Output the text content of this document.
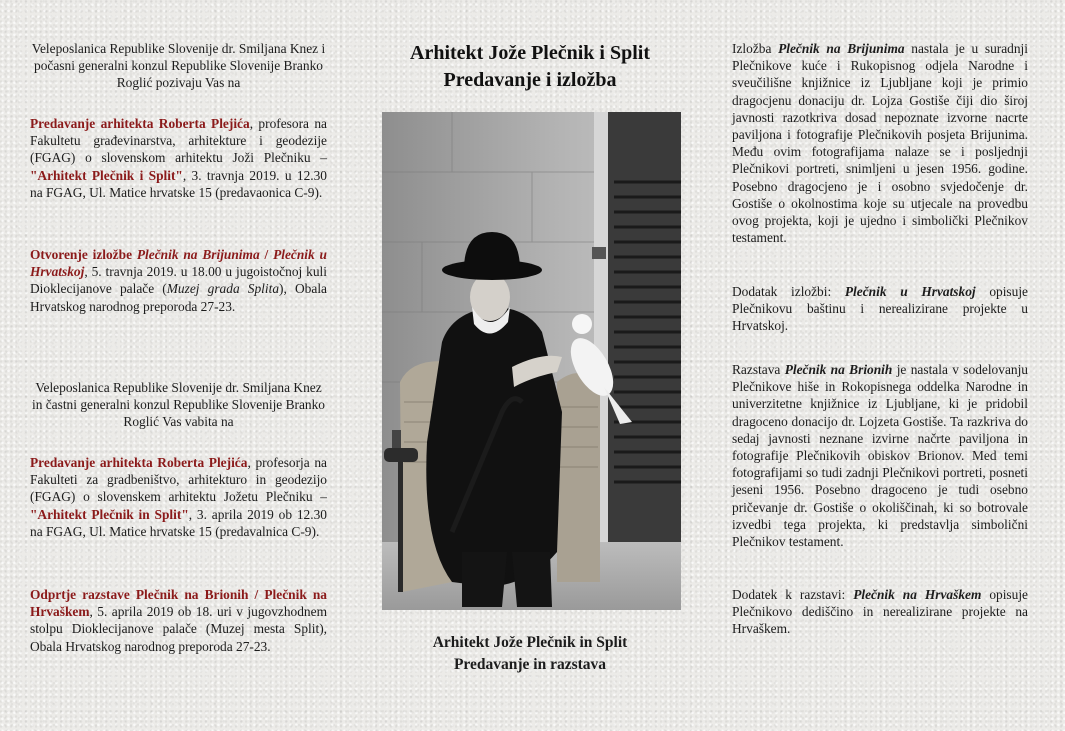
Veleposlanica Republike Slovenije dr. Smiljana Knez i počasni generalni konzul Republike Slovenije Branko Roglić pozivaju Vas na

Predavanje arhitekta Roberta Plejića, profesora na Fakultetu građevinarstva, arhitekture i geodezije (FGAG) o slovenskom arhitektu Joži Plečniku – "Arhitekt Plečnik i Split", 3. travnja 2019. u 12.30 na FGAG, Ul. Matice hrvatske 15 (predavaonica C-9).

Otvorenje izložbe Plečnik na Brijunima / Plečnik u Hrvatskoj, 5. travnja 2019. u 18.00 u jugoistočnoj kuli Dioklecijanove palače (Muzej grada Splita), Obala Hrvatskog narodnog preporoda 27-23.

Veleposlanica Republike Slovenije dr. Smiljana Knez in častni generalni konzul Republike Slovenije Branko Roglić Vas vabita na

Predavanje arhitekta Roberta Plejića, profesorja na Fakulteti za gradbeništvo, arhitekturo in geodezijo (FGAG) o slovenskem arhitektu Jožetu Plečniku – "Arhitekt Plečnik in Split", 3. aprila 2019 ob 12.30 na FGAG, Ul. Matice hrvatske 15 (predavalnica C-9).

Odprtje razstave Plečnik na Brionih / Plečnik na Hrvaškem, 5. aprila 2019 ob 18. uri v jugovzhodnem stolpu Dioklecijanove palače (Muzej mesta Split), Obala Hrvatskog narodnog preporoda 27-23.

Arhitekt Jože Plečnik i Split
Predavanje i izložba
Arhitekt Jože Plečnik in Split
Predavanje in razstava

Izložba Plečnik na Brijunima nastala je u suradnji Plečnikove kuće i Rukopisnog odjela Narodne i sveučilišne knjižnice iz Ljubljane koji je primio dragocjenu donaciju dr. Lojza Gostiše čiji dio široj javnosti razotkriva dosad nepoznate izvorne nacrte paviljona i fotografije Plečnikovih posjeta Brijunima. Među ovim fotografijama nalaze se i posljednji Plečnikovi portreti, snimljeni u jesen 1956. godine. Posebno dragocjeno je i osobno svjedočenje dr. Gostiše o okolnostima koje su utjecale na provedbu ovog projekta, koji je ujedno i simbolički Plečnikov testament.

Dodatak izložbi: Plečnik u Hrvatskoj opisuje Plečnikovu baštinu i nerealizirane projekte u Hrvatskoj.

Razstava Plečnik na Brionih je nastala v sodelovanju Plečnikove hiše in Rokopisnega oddelka Narodne in univerzitetne knjižnice iz Ljubljane, ki je pridobil dragoceno donacijo dr. Lojzeta Gostiše. Ta razkriva do sedaj javnosti neznane izvirne načrte paviljona in fotografije Plečnikovih obiskov Brionov. Med temi fotografijami so tudi zadnji Plečnikovi portreti, posneti jeseni 1956. Posebno dragoceno je tudi osebno pričevanje dr. Gostiše o okoliščinah, ki so botrovale izvedbi tega projekta, ki predstavlja simbolični Plečnikov testament.

Dodatek k razstavi: Plečnik na Hrvaškem opisuje Plečnikovo dediščino in nerealizirane projekte na Hrvaškem.
